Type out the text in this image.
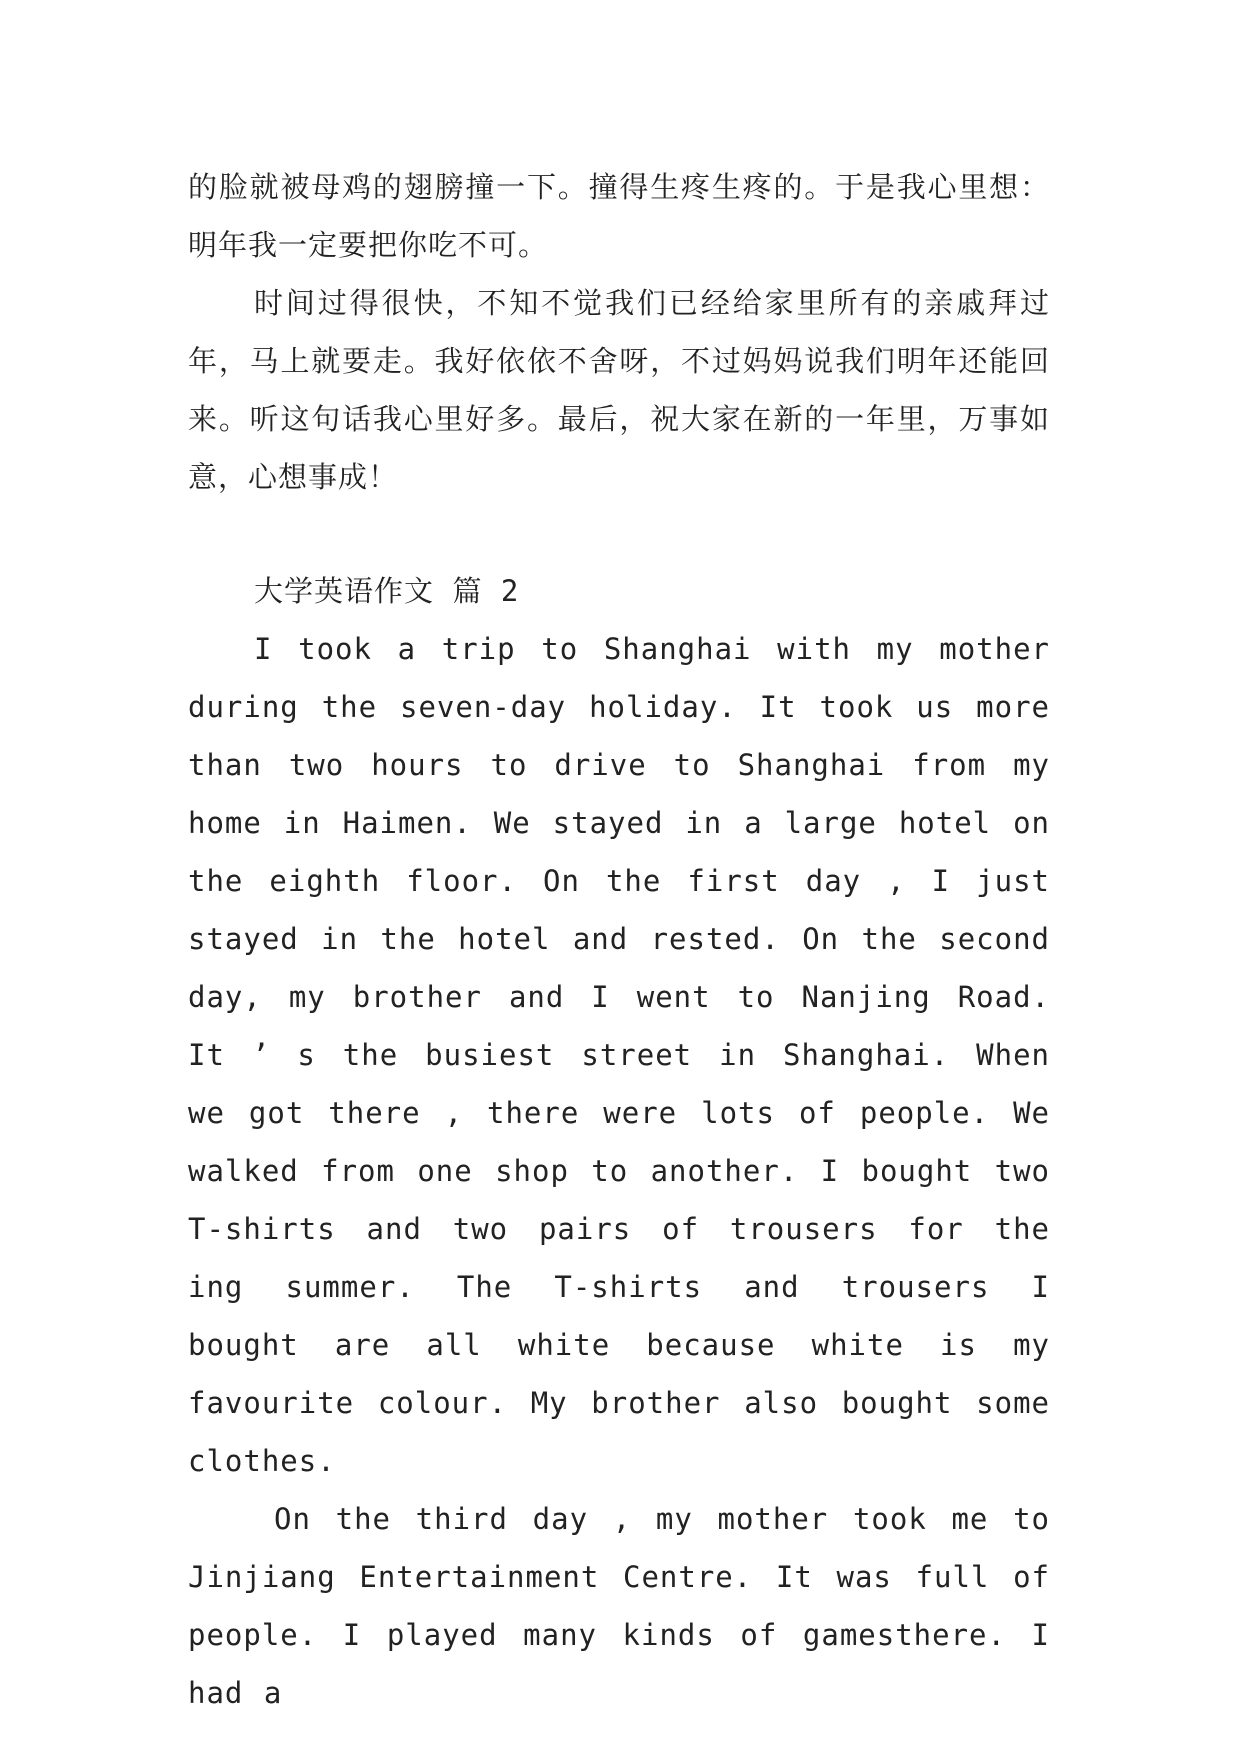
的脸就被母鸡的翅膀撞一下。撞得生疼生疼的。于是我心里想：明年我一定要把你吃不可。

时间过得很快，不知不觉我们已经给家里所有的亲戚拜过年，马上就要走。我好依依不舍呀，不过妈妈说我们明年还能回来。听这句话我心里好多。最后，祝大家在新的一年里，万事如意，心想事成！

大学英语作文 篇 2

I took a trip to Shanghai with my mother during the seven-day holiday. It took us more than two hours to drive to Shanghai from my home in Haimen. We stayed in a large hotel on the eighth floor. On the first day , I just stayed in the hotel and rested. On the second day, my brother and I went to Nanjing Road. It ’ s the busiest street in Shanghai. When we got there , there were lots of people. We walked from one shop to another. I bought two T-shirts and two pairs of trousers for the ing summer. The T-shirts and trousers I bought are all white because white is my favourite colour. My brother also bought some clothes.

On the third day , my mother took me to Jinjiang Entertainment Centre. It was full of people. I played many kinds of gamesthere. I had a
